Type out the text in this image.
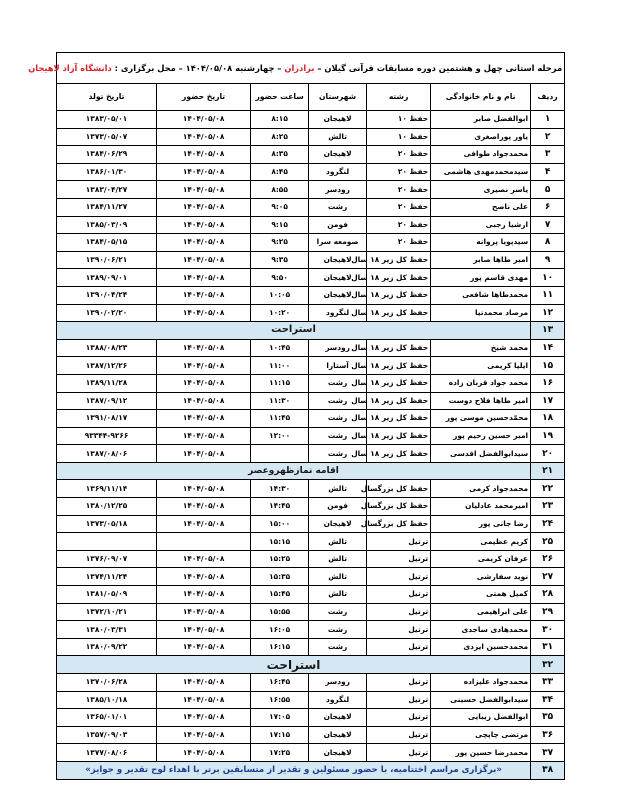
مرحله استانی چهل و هشتمین دوره مسابقات قرآنی گیلان – برادران – چهارشنبه ۱۴۰۴/۰۵/۰۸ – محل برگزاری : دانشگاه آزاد لاهیجان						
ردیف	نام و نام خانوادگی	رشته	شهرستان	ساعت حضور	تاریخ حضور	تاریخ تولد
۱	ابوالفضل صابر	حفظ ۱۰	لاهیجان	۸:۱۵	۱۴۰۴/۰۵/۰۸	۱۳۸۳/۰۵/۰۱
۲	یاور پوراصغری	حفظ ۱۰	تالش	۸:۲۵	۱۴۰۴/۰۵/۰۸	۱۳۷۳/۰۵/۰۷
۳	محمدجواد طوافی	حفظ ۲۰	لاهیجان	۸:۳۵	۱۴۰۴/۰۵/۰۸	۱۳۸۴/۰۶/۲۹
۴	سیدمحمدمهدی هاشمی	حفظ ۲۰	لنگرود	۸:۴۵	۱۴۰۴/۰۵/۰۸	۱۳۸۶/۰۱/۳۰
۵	یاسر نصیری	حفظ ۲۰	رودسر	۸:۵۵	۱۴۰۴/۰۵/۰۸	۱۳۸۳/۰۴/۲۷
۶	علی ناصح	حفظ ۲۰	رشت	۹:۰۵	۱۴۰۴/۰۵/۰۸	۱۳۸۴/۱۱/۲۷
۷	ارشیا رجبی	حفظ ۲۰	فومن	۹:۱۵	۱۴۰۴/۰۵/۰۸	۱۳۸۵/۰۳/۰۹
۸	سیدپویا پروانه	حفظ ۲۰	صومعه سرا	۹:۲۵	۱۴۰۴/۰۵/۰۸	۱۳۸۴/۰۵/۱۵
۹	امیر طاها صابر	حفظ کل زیر ۱۸ سال	لاهیجان	۹:۳۵	۱۴۰۴/۰۵/۰۸	۱۳۹۰/۰۶/۲۱
۱۰	مهدی قاسم پور	حفظ کل زیر ۱۸ سال	لاهیجان	۹:۵۰	۱۴۰۴/۰۵/۰۸	۱۳۸۹/۰۹/۰۱
۱۱	محمدطاها شافعی	حفظ کل زیر ۱۸ سال	لاهیجان	۱۰:۰۵	۱۴۰۴/۰۵/۰۸	۱۳۹۰/۰۴/۲۴
۱۲	مرصاد محمدنیا	حفظ کل زیر ۱۸ سال	لنگرود	۱۰:۲۰	۱۴۰۴/۰۵/۰۸	۱۳۹۰/۰۲/۲۰
۱۳	استراحت					
۱۴	محمد شیخ	حفظ کل زیر ۱۸ سال	رودسر	۱۰:۴۵	۱۴۰۴/۰۵/۰۸	۱۳۸۸/۰۸/۲۳
۱۵	ایلیا کریمی	حفظ کل زیر ۱۸ سال	آستارا	۱۱:۰۰	۱۴۰۴/۰۵/۰۸	۱۳۸۷/۱۲/۲۶
۱۶	محمد جواد قربان زاده	حفظ کل زیر ۱۸ سال	رشت	۱۱:۱۵	۱۴۰۴/۰۵/۰۸	۱۳۸۹/۱۱/۲۸
۱۷	امیر طاها فلاح دوست	حفظ کل زیر ۱۸ سال	رشت	۱۱:۳۰	۱۴۰۴/۰۵/۰۸	۱۳۸۷/۰۹/۱۲
۱۸	محمّدحسین موسی پور	حفظ کل زیر ۱۸ سال	رشت	۱۱:۴۵	۱۴۰۴/۰۵/۰۸	۱۳۹۱/۰۸/۱۷
۱۹	امیر حسین رحیم پور	حفظ کل زیر ۱۸ سال	رشت	۱۲:۰۰	۱۴۰۴/۰۵/۰۸	۹۳۳۴۴-۹۲۶۶
۲۰	سیدابوالفضل اقدسی	حفظ کل زیر ۱۸ سال	رشت		۱۴۰۴/۰۵/۰۸	۱۳۸۷/۰۸/۰۶
۲۱	اقامه نمازظهروعصر					
۲۲	محمدجواد کرمی	حفظ کل بزرگسال	تالش	۱۴:۳۰	۱۴۰۴/۰۵/۰۸	۱۳۶۹/۱۱/۱۴
۲۳	امیرمحمد عادلیان	حفظ کل بزرگسال	فومن	۱۴:۴۵	۱۴۰۴/۰۵/۰۸	۱۳۸۰/۱۲/۲۵
۲۴	رضا جانی پور	حفظ کل بزرگسال	لاهیجان	۱۵:۰۰	۱۴۰۴/۰۵/۰۸	۱۳۷۳/۰۵/۱۸
۲۵	کریم عظیمی	ترتیل	تالش	۱۵:۱۵		
۲۶	عرفان کریمی	ترتیل	تالش	۱۵:۲۵	۱۴۰۴/۰۵/۰۸	۱۳۷۶/۰۹/۰۷
۲۷	نوید سفارشی	ترتیل	تالش	۱۵:۳۵	۱۴۰۴/۰۵/۰۸	۱۳۷۴/۱۱/۲۴
۲۸	کمیل همتی	ترتیل	تالش	۱۵:۴۵	۱۴۰۴/۰۵/۰۸	۱۳۸۱/۰۵/۰۹
۲۹	علی ابراهیمی	ترتیل	رشت	۱۵:۵۵	۱۴۰۴/۰۵/۰۸	۱۳۷۲/۱۰/۲۱
۳۰	محمدهادی ساجدی	ترتیل	رشت	۱۶:۰۵	۱۴۰۴/۰۵/۰۸	۱۳۸۰/۰۳/۳۱
۳۱	محمدحسین ایزدی	ترتیل	رشت	۱۶:۱۵	۱۴۰۴/۰۵/۰۸	۱۳۸۰/۰۹/۲۲
۳۲	استراحت					
۳۳	محمدجواد علیزاده	ترتیل	رودسر	۱۶:۴۵	۱۴۰۴/۰۵/۰۸	۱۳۷۰/۰۶/۲۸
۳۴	سیدابوالفضل حسینی	ترتیل	لنگرود	۱۶:۵۵	۱۴۰۴/۰۵/۰۸	۱۳۸۵/۱۰/۱۸
۳۵	ابوالفضل زیبایی	ترتیل	لاهیجان	۱۷:۰۵	۱۴۰۴/۰۵/۰۸	۱۳۶۵/۰۱/۰۱
۳۶	مرتضی چاپچی	ترتیل	لاهیجان	۱۷:۱۵	۱۴۰۴/۰۵/۰۸	۱۳۵۷/۰۹/۰۳
۳۷	محمدرضا حسین پور	ترتیل	لاهیجان	۱۷:۲۵	۱۴۰۴/۰۵/۰۸	۱۳۷۷/۰۸/۰۶
۳۸	«برگزاری مراسم اختتامیه، با حضور مسئولین و تقدیر از متسابقین برتر با اهداء لوح تقدیر و جوایز»					
